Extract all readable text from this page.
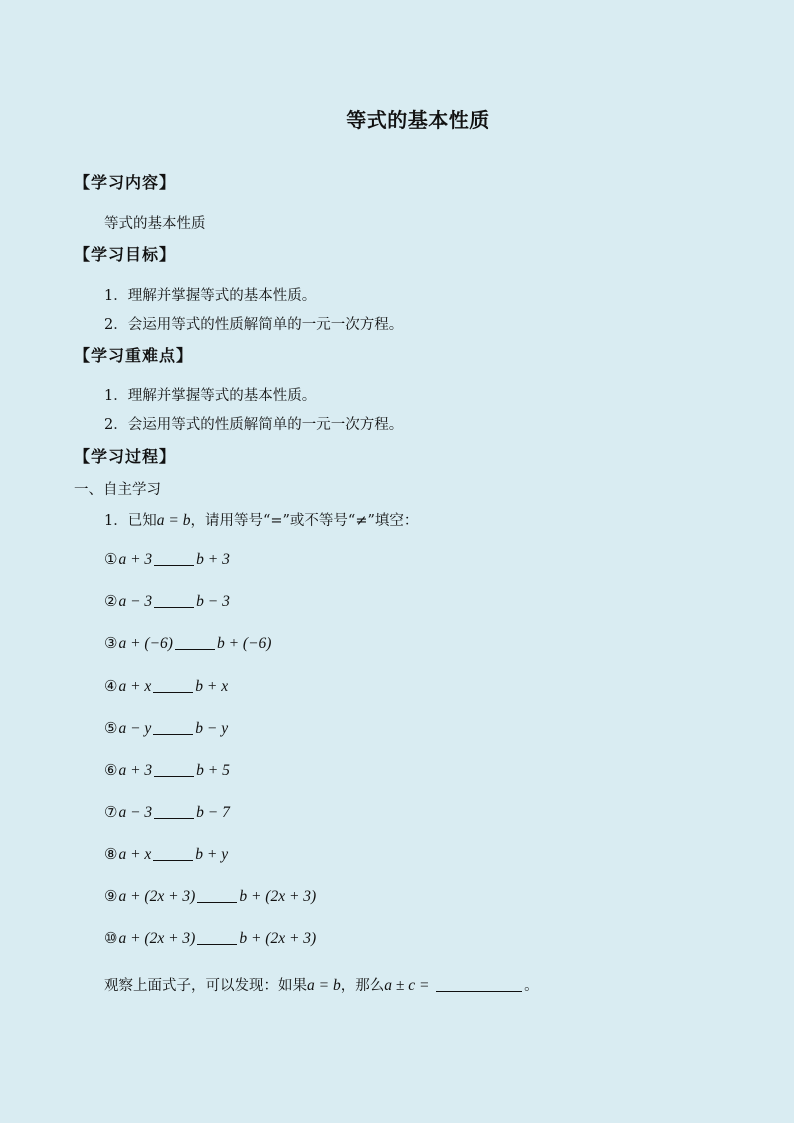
等式的基本性质
【学习内容】
等式的基本性质
【学习目标】
1．理解并掌握等式的基本性质。
2．会运用等式的性质解简单的一元一次方程。
【学习重难点】
1．理解并掌握等式的基本性质。
2．会运用等式的性质解简单的一元一次方程。
【学习过程】
一、自主学习
1．已知a = b，请用等号“=”或不等号“≠”填空：
①a + 3	b + 3
②a − 3	b − 3
③a + (−6)	b + (−6)
④a + x	b + x
⑤a − y	b − y
⑥a + 3	b + 5
⑦a − 3	b − 7
⑧a + x	b + y
⑨a + (2x + 3)	b + (2x + 3)
⑩a + (2x + 3)	b + (2x + 3)
观察上面式子，可以发现：如果a = b，那么a ± c =	。
